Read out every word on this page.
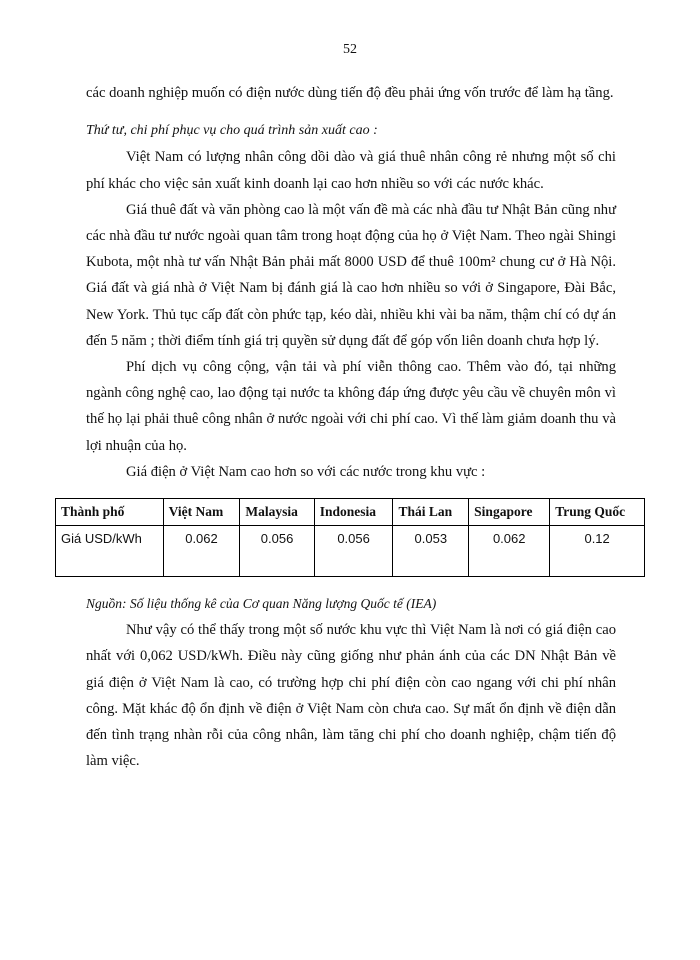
52

các doanh nghiệp muốn có điện nước dùng tiến độ đều phải ứng vốn trước để làm hạ tầng.

Thứ tư, chi phí phục vụ cho quá trình sản xuất cao :

Việt Nam có lượng nhân công dồi dào và giá thuê nhân công rẻ nhưng một số chi phí khác cho việc sản xuất kinh doanh lại cao hơn nhiều so với các nước khác.

Giá thuê đất và văn phòng cao là một vấn đề mà các nhà đầu tư Nhật Bản cũng như các nhà đầu tư nước ngoài quan tâm trong hoạt động của họ ở Việt Nam. Theo ngài Shingi Kubota, một nhà tư vấn Nhật Bản phải mất 8000 USD để thuê 100m² chung cư ở Hà Nội. Giá đất và giá nhà ở Việt Nam bị đánh giá là cao hơn nhiều so với ở Singapore, Đài Bắc, New York. Thủ tục cấp đất còn phức tạp, kéo dài, nhiều khi vài ba năm, thậm chí có dự án đến 5 năm ; thời điểm tính giá trị quyền sử dụng đất để góp vốn liên doanh chưa hợp lý.

Phí dịch vụ công cộng, vận tải và phí viễn thông cao. Thêm vào đó, tại những ngành công nghệ cao, lao động tại nước ta không đáp ứng được yêu cầu về chuyên môn vì thế họ lại phải thuê công nhân ở nước ngoài với chi phí cao. Vì thế làm giảm doanh thu và lợi nhuận của họ.

Giá điện ở Việt Nam cao hơn so với các nước trong khu vực :

Thành phố	Việt Nam	Malaysia	Indonesia	Thái Lan	Singapore	Trung Quốc
Giá USD/kWh	0.062	0.056	0.056	0.053	0.062	0.12

Nguồn: Số liệu thống kê của Cơ quan Năng lượng Quốc tế (IEA)

Như vậy có thể thấy trong một số nước khu vực thì Việt Nam là nơi có giá điện cao nhất với 0,062 USD/kWh. Điều này cũng giống như phản ánh của các DN Nhật Bản về giá điện ở Việt Nam là cao, có trường hợp chi phí điện còn cao ngang với chi phí nhân công. Mặt khác độ ổn định về điện ở Việt Nam còn chưa cao. Sự mất ổn định về điện dẫn đến tình trạng nhàn rỗi của công nhân, làm tăng chi phí cho doanh nghiệp, chậm tiến độ làm việc.
